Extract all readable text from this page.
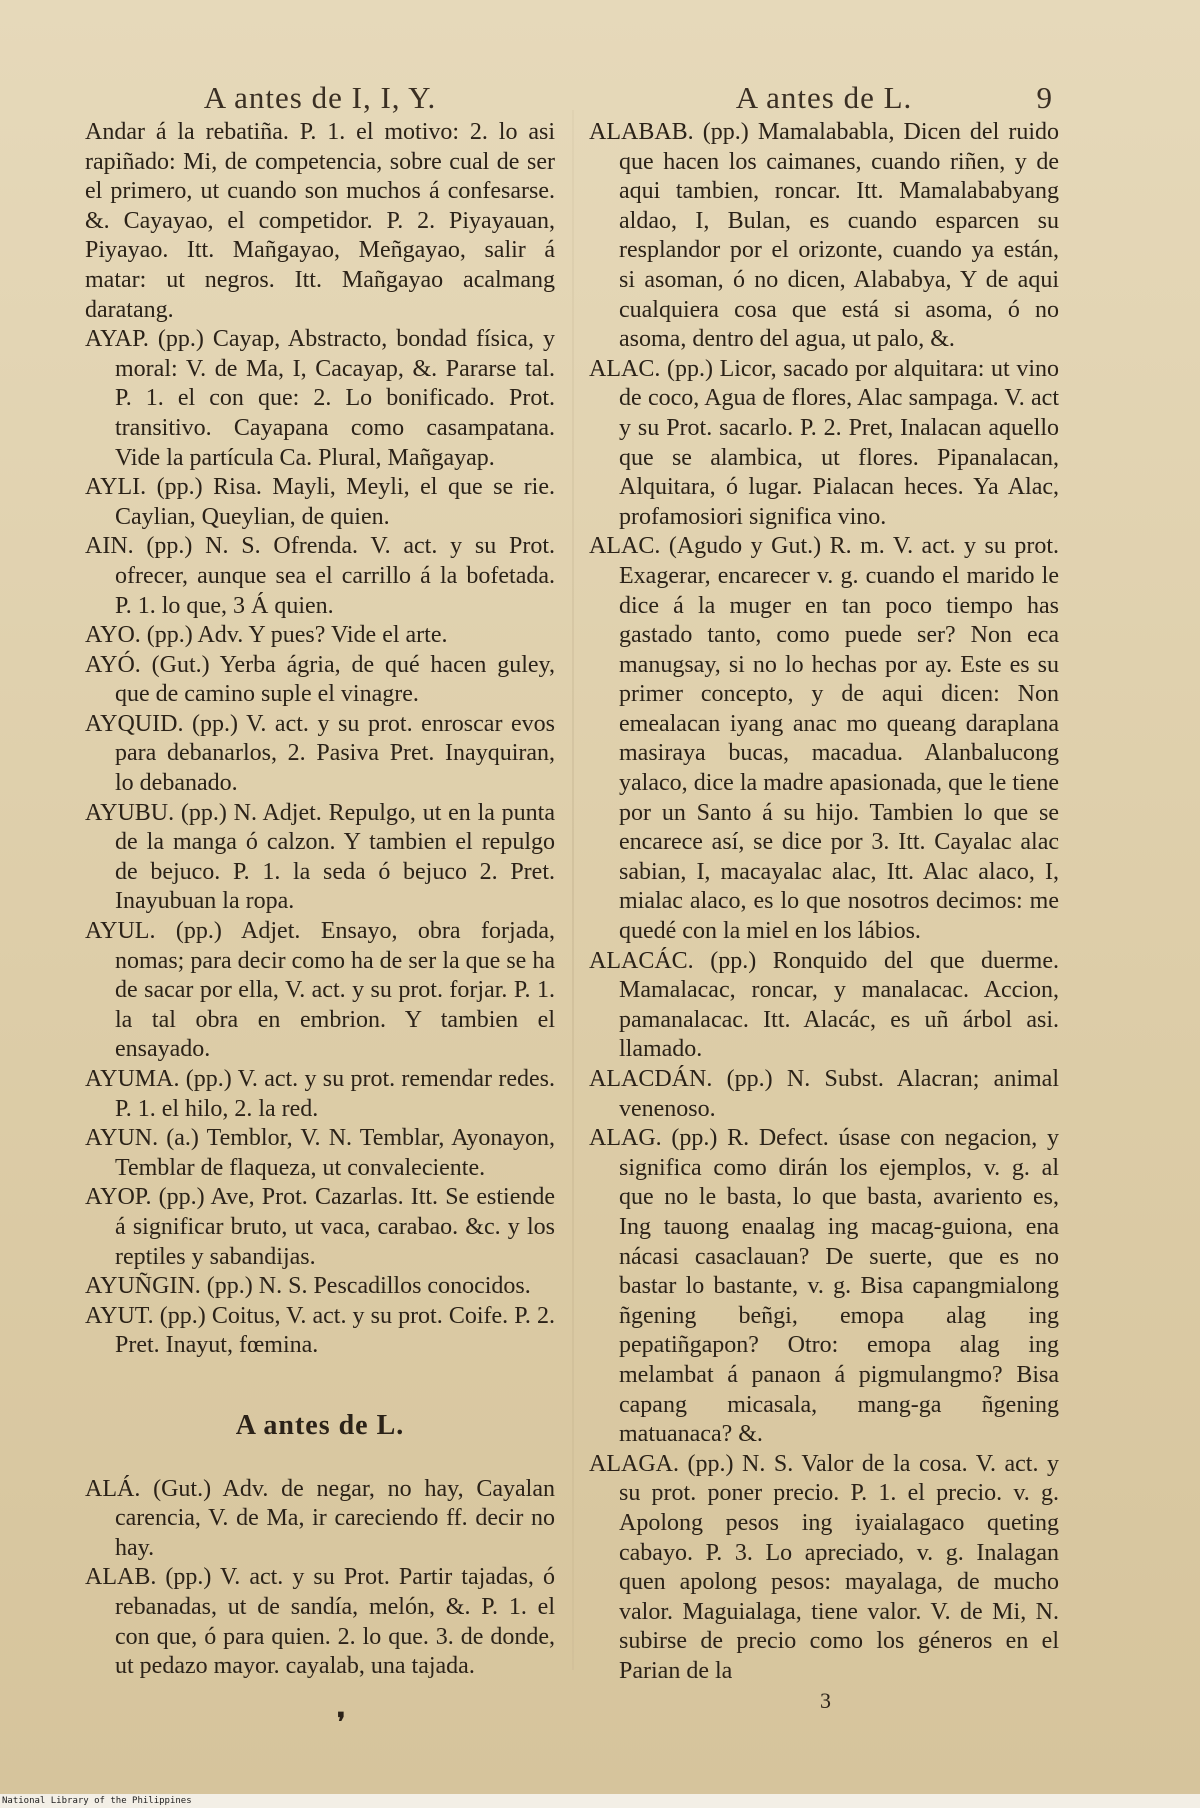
A antes de I, I, Y.

Andar á la rebatiña. P. 1. el motivo: 2. lo asi rapiñado: Mi, de competencia, sobre cual de ser el primero, ut cuando son muchos á confesarse. &. Cayayao, el competidor. P. 2. Piyayauan, Piyayao. Itt. Mañgayao, Meñgayao, salir á matar: ut negros. Itt. Mañgayao acalmang daratang.

AYAP. (pp.) Cayap, Abstracto, bondad física, y moral: V. de Ma, I, Cacayap, &. Pararse tal. P. 1. el con que: 2. Lo bonificado. Prot. transitivo. Cayapana como casampatana. Vide la partícula Ca. Plural, Mañgayap.

AYLI. (pp.) Risa. Mayli, Meyli, el que se rie. Caylian, Queylian, de quien.

AIN. (pp.) N. S. Ofrenda. V. act. y su Prot. ofrecer, aunque sea el carrillo á la bofetada. P. 1. lo que, 3 Á quien.

AYO. (pp.) Adv. Y pues? Vide el arte.

AYÓ. (Gut.) Yerba ágria, de qué hacen guley, que de camino suple el vinagre.

AYQUID. (pp.) V. act. y su prot. enroscar evos para debanarlos, 2. Pasiva Pret. Inayquiran, lo debanado.

AYUBU. (pp.) N. Adjet. Repulgo, ut en la punta de la manga ó calzon. Y tambien el repulgo de bejuco. P. 1. la seda ó bejuco 2. Pret. Inayubuan la ropa.

AYUL. (pp.) Adjet. Ensayo, obra forjada, nomas; para decir como ha de ser la que se ha de sacar por ella, V. act. y su prot. forjar. P. 1. la tal obra en embrion. Y tambien el ensayado.

AYUMA. (pp.) V. act. y su prot. remendar redes. P. 1. el hilo, 2. la red.

AYUN. (a.) Temblor, V. N. Temblar, Ayonayon, Temblar de flaqueza, ut convaleciente.

AYOP. (pp.) Ave, Prot. Cazarlas. Itt. Se estiende á significar bruto, ut vaca, carabao. &c. y los reptiles y sabandijas.

AYUÑGIN. (pp.) N. S. Pescadillos conocidos.

AYUT. (pp.) Coitus, V. act. y su prot. Coife. P. 2. Pret. Inayut, fœmina.

A antes de L.

ALÁ. (Gut.) Adv. de negar, no hay, Cayalan carencia, V. de Ma, ir careciendo ff. decir no hay.

ALAB. (pp.) V. act. y su Prot. Partir tajadas, ó rebanadas, ut de sandía, melón, &. P. 1. el con que, ó para quien. 2. lo que. 3. de donde, ut pedazo mayor. cayalab, una tajada.

A antes de L.	9

ALABAB. (pp.) Mamalababla, Dicen del ruido que hacen los caimanes, cuando riñen, y de aqui tambien, roncar. Itt. Mamalababyang aldao, I, Bulan, es cuando esparcen su resplandor por el orizonte, cuando ya están, si asoman, ó no dicen, Alababya, Y de aqui cualquiera cosa que está si asoma, ó no asoma, dentro del agua, ut palo, &.

ALAC. (pp.) Licor, sacado por alquitara: ut vino de coco, Agua de flores, Alac sampaga. V. act y su Prot. sacarlo. P. 2. Pret, Inalacan aquello que se alambica, ut flores. Pipanalacan, Alquitara, ó lugar. Pialacan heces. Ya Alac, profamosiori significa vino.

ALAC. (Agudo y Gut.) R. m. V. act. y su prot. Exagerar, encarecer v. g. cuando el marido le dice á la muger en tan poco tiempo has gastado tanto, como puede ser? Non eca manugsay, si no lo hechas por ay. Este es su primer concepto, y de aqui dicen: Non emealacan iyang anac mo queang daraplana masiraya bucas, macadua. Alanbalucong yalaco, dice la madre apasionada, que le tiene por un Santo á su hijo. Tambien lo que se encarece así, se dice por 3. Itt. Cayalac alac sabian, I, macayalac alac, Itt. Alac alaco, I, mialac alaco, es lo que nosotros decimos: me quedé con la miel en los lábios.

ALACÁC. (pp.) Ronquido del que duerme. Mamalacac, roncar, y manalacac. Accion, pamanalacac. Itt. Alacác, es uñ árbol asi. llamado.

ALACDÁN. (pp.) N. Subst. Alacran; animal venenoso.

ALAG. (pp.) R. Defect. úsase con negacion, y significa como dirán los ejemplos, v. g. al que no le basta, lo que basta, avariento es, Ing tauong enaalag ing macag-guiona, ena nácasi casaclauan? De suerte, que es no bastar lo bastante, v. g. Bisa capangmialong ñgening beñgi, emopa alag ing pepatiñgapon? Otro: emopa alag ing melambat á panaon á pigmulangmo? Bisa capang micasala, mang-ga ñgening matuanaca? &.

ALAGA. (pp.) N. S. Valor de la cosa. V. act. y su prot. poner precio. P. 1. el precio. v. g. Apolong pesos ing iyaialagaco queting cabayo. P. 3. Lo apreciado, v. g. Inalagan quen apolong pesos: mayalaga, de mucho valor. Maguialaga, tiene valor. V. de Mi, N. subirse de precio como los géneros en el Parian de la

3
❜
National Library of the Philippines
